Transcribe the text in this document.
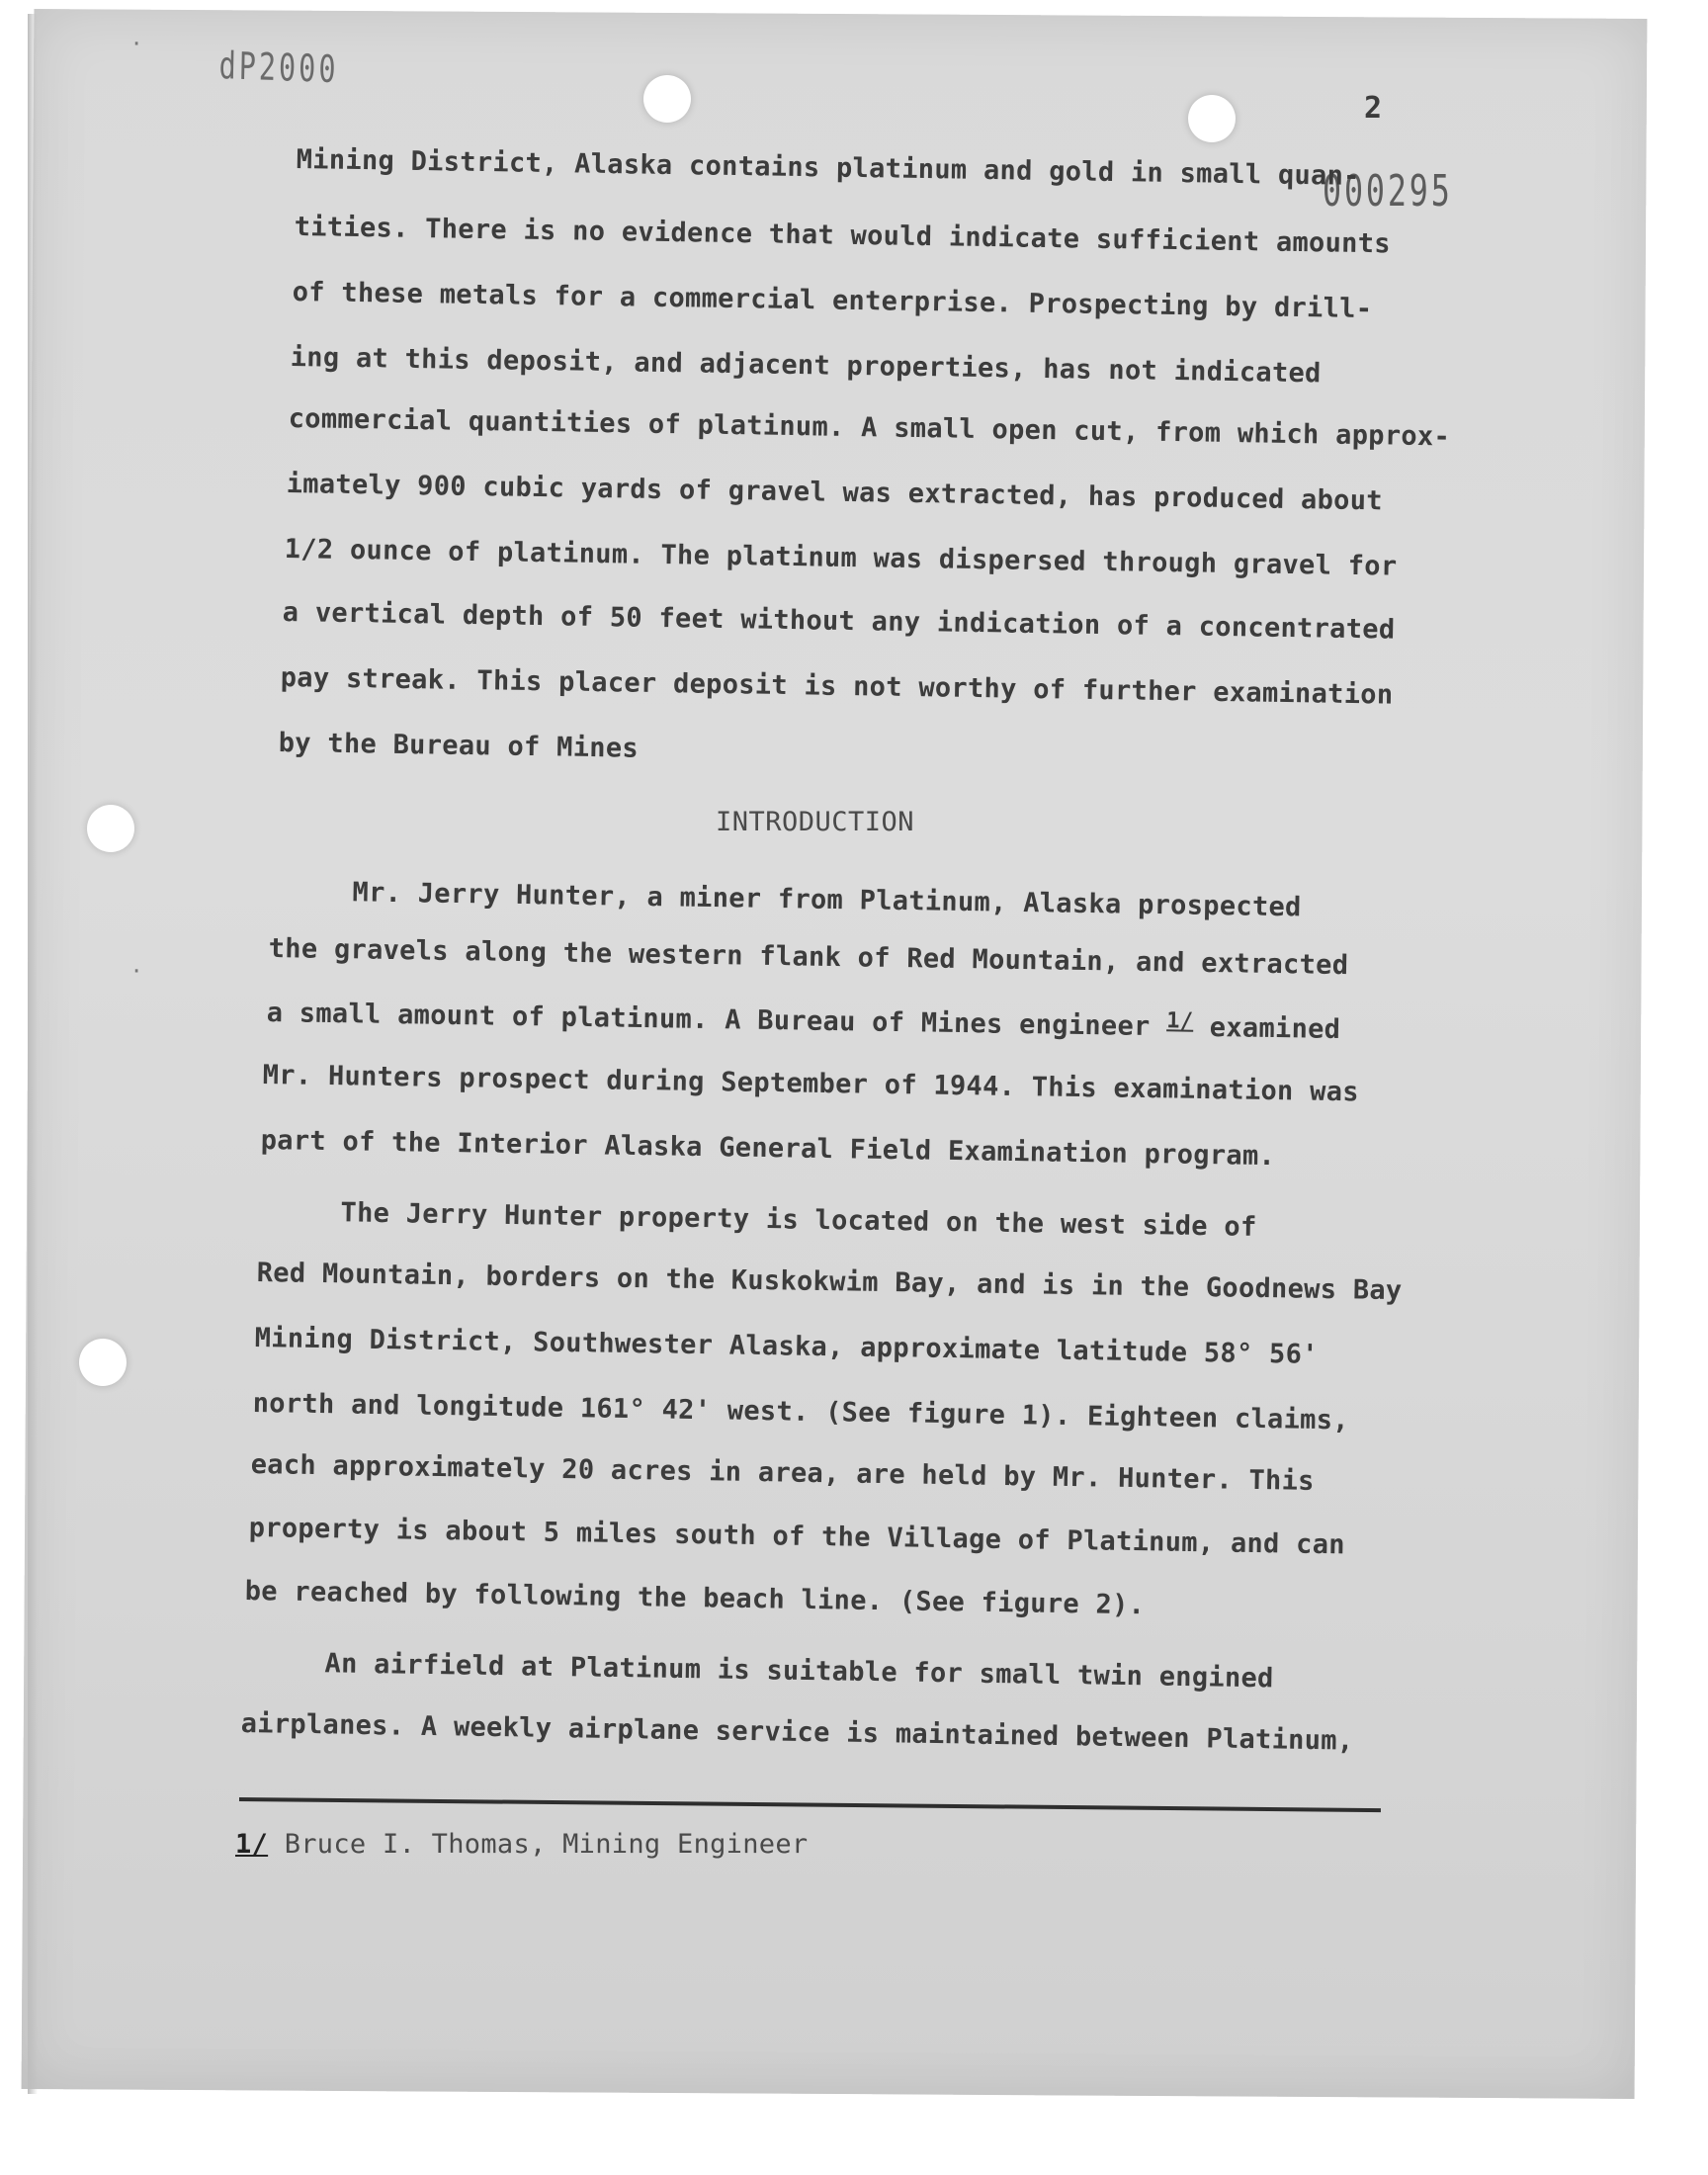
·
·
dP2000
000295
2
Mining District, Alaska contains platinum and gold in small quan-
tities. There is no evidence that would indicate sufficient amounts
of these metals for a commercial enterprise. Prospecting by drill-
ing at this deposit, and adjacent properties, has not indicated
commercial quantities of platinum. A small open cut, from which approx-
imately 900 cubic yards of gravel was extracted, has produced about
1/2 ounce of platinum. The platinum was dispersed through gravel for
a vertical depth of 50 feet without any indication of a concentrated
pay streak. This placer deposit is not worthy of further examination
by the Bureau of Mines
INTRODUCTION
Mr. Jerry Hunter, a miner from Platinum, Alaska prospected
the gravels along the western flank of Red Mountain, and extracted
a small amount of platinum. A Bureau of Mines engineer 1/ examined
Mr. Hunters prospect during September of 1944. This examination was
part of the Interior Alaska General Field Examination program.
The Jerry Hunter property is located on the west side of
Red Mountain, borders on the Kuskokwim Bay, and is in the Goodnews Bay
Mining District, Southwester Alaska, approximate latitude 58° 56'
north and longitude 161° 42' west. (See figure 1). Eighteen claims,
each approximately 20 acres in area, are held by Mr. Hunter. This
property is about 5 miles south of the Village of Platinum, and can
be reached by following the beach line. (See figure 2).
An airfield at Platinum is suitable for small twin engined
airplanes. A weekly airplane service is maintained between Platinum,
1/ Bruce I. Thomas, Mining Engineer
